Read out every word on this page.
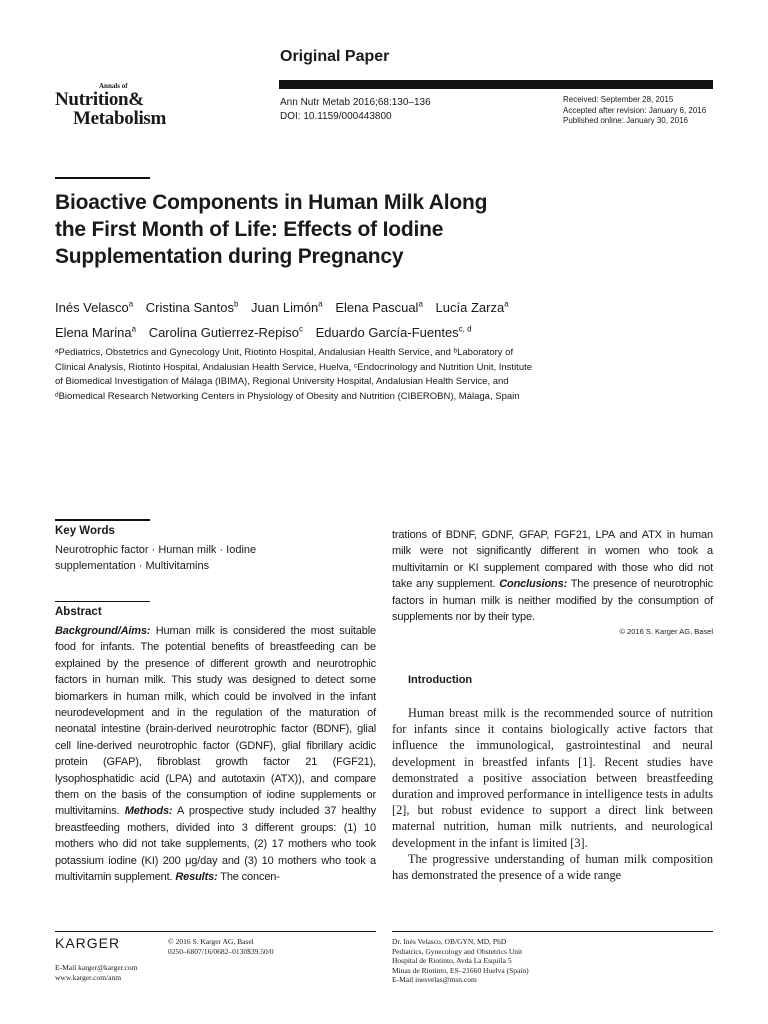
Original Paper
Annals of
Nutrition&
Metabolism
Ann Nutr Metab 2016;68:130–136
DOI: 10.1159/000443800
Received: September 28, 2015
Accepted after revision: January 6, 2016
Published online: January 30, 2016
Bioactive Components in Human Milk Along
the First Month of Life: Effects of Iodine
Supplementation during Pregnancy
Inés Velasco$^a$ Cristina Santos$^b$ Juan Limón$^a$ Elena Pascual$^a$ Lucía Zarza$^a$
Elena Marina$^a$ Carolina Gutierrez-Repiso$^c$ Eduardo García-Fuentes$^{c, d}$
ᵃPediatrics, Obstetrics and Gynecology Unit, Riotinto Hospital, Andalusian Health Service, and ᵇLaboratory of
Clinical Analysis, Riotinto Hospital, Andalusian Health Service, Huelva, ᶜEndocrinology and Nutrition Unit, Institute
of Biomedical Investigation of Málaga (IBIMA), Regional University Hospital, Andalusian Health Service, and
ᵈBiomedical Research Networking Centers in Physiology of Obesity and Nutrition (CIBEROBN), Málaga, Spain
Key Words
Neurotrophic factor · Human milk · Iodine
supplementation · Multivitamins
Abstract
Background/Aims: Human milk is considered the most suitable food for infants. The potential benefits of breastfeeding can be explained by the presence of different growth and neurotrophic factors in human milk. This study was designed to detect some biomarkers in human milk, which could be involved in the infant neurodevelopment and in the regulation of the maturation of neonatal intestine (brain-derived neurotrophic factor (BDNF), glial cell line-derived neurotrophic factor (GDNF), glial fibrillary acidic protein (GFAP), fibroblast growth factor 21 (FGF21), lysophosphatidic acid (LPA) and autotaxin (ATX)), and compare them on the basis of the consumption of iodine supplements or multivitamins. Methods: A prospective study included 37 healthy breastfeeding mothers, divided into 3 different groups: (1) 10 mothers who did not take supplements, (2) 17 mothers who took potassium iodine (KI) 200 μg/day and (3) 10 mothers who took a multivitamin supplement. Results: The concen-
trations of BDNF, GDNF, GFAP, FGF21, LPA and ATX in human milk were not significantly different in women who took a multivitamin or KI supplement compared with those who did not take any supplement. Conclusions: The presence of neurotrophic factors in human milk is neither modified by the consumption of supplements nor by their type.
© 2016 S. Karger AG, Basel
Introduction

Human breast milk is the recommended source of nutrition for infants since it contains biologically active factors that influence the immunological, gastrointestinal and neural development in breastfed infants [1]. Recent studies have demonstrated a positive association between breastfeeding duration and improved performance in intelligence tests in adults [2], but robust evidence to support a direct link between maternal nutrition, human milk nutrients, and neurological development in the infant is limited [3].

The progressive understanding of human milk composition has demonstrated the presence of a wide range

KARGER	© 2016 S. Karger AG, Basel
0250–6807/16/0682–0130$39.50/0
E-Mail karger@karger.com
www.karger.com/anm
Dr. Inés Velasco, OB/GYN, MD, PhD
Pediatrics, Gynecology and Obstetrics Unit
Hospital de Riotinto, Avda La Esquila 5
Minas de Riotinto, ES–21660 Huelva (Spain)
E-Mail inesvelas@msn.com
